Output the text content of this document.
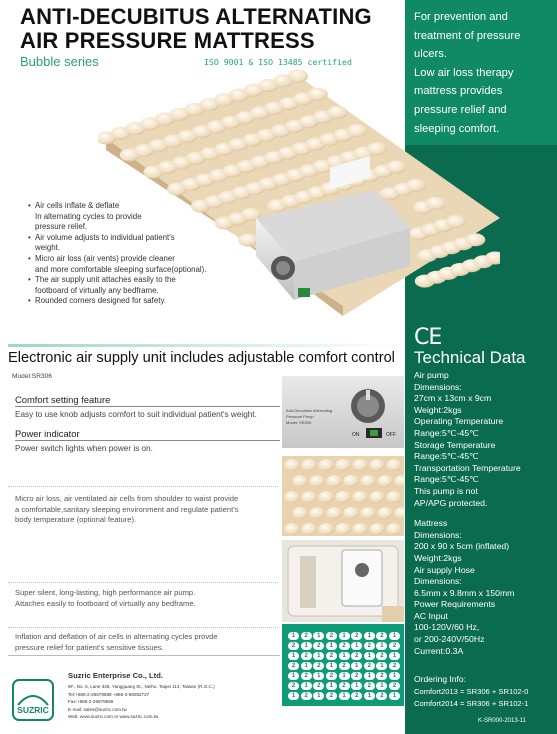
For prevention and
treatment of pressure
ulcers.
Low air loss therapy
mattress provides
pressure relief and
sleeping comfort.
CE
Technical Data
Air pump
Dimensions:
27cm x 13cm x 9cm
Weight:2kgs
Operating Temperature
Range:5℃-45℃
Storage Temperature
Range:5℃-45℃
Transportation Temperature
Range:5℃-45℃
This pump is not
AP/APG protected.
Mattress
Dimensions:
200 x 90 x 5cm (inflated)
Weight:2kgs
Air supply Hose
Dimensions:
6.5mm x 9.8mm x 150mm
Power Requirements
AC Input
100-120V/60 Hz,
or 200-240V/50Hz
Current:0.3A
Ordering Info:
Comfort2013 = SR306 + SR102-0
Comfort2014 = SR306 + SR102-1
K-SR000-2013-11
ANTI-DECUBITUS ALTERNATING
AIR PRESSURE MATTRESS
Bubble series	ISO 9001 & ISO 13485 certified
• Air cells inflate & deflate
In alternating cycles to provide
pressure relief.
• Air volume adjusts to individual patient's
weight.
• Micro air loss (air vents) provide cleaner
and more comfortable sleeping surface(optional).
• The air supply unit attaches easily to the
footboard of virtually any bedframe.
• Rounded corners designed for safety.
Electronic air supply unit includes adjustable comfort control
Model:SR306
Comfort setting feature
Easy to use knob adjusts comfort to suit individual patient's weight.
Power indicator
Power switch lights when power is on.
Anti-Decubitus Alternating
Pressure Pump
Model: SR306
ON	OFF
Micro air loss, air ventilated air cells from shoulder to waist provide
a comfortable,sanitary sleeping environment and regulate patient's
body temperature (optional feature).
Super silent, long-lasting, high performance air pump.
Attaches easily to footboard of virtually any bedframe.
1	2	1	2	1	2	1	2	1
2	1	2	1	2	1	2	1	2
1	2	1	2	1	2	1	2	1
2	1	2	1	2	1	2	1	2
1	2	1	2	1	2	1	2	1
2	1	2	1	2	1	2	1	2
1	2	1	2	1	2	1	2	1
Inflation and deflation of air cells in alternating cycles provde
pressure relief for patient's sensitive tissues.
SUZRIC
Suzric Enterprise Co., Ltd.
6F., No. 5, Lane 345, Yangguang St., Neihu, Taipei 114, Taiwan (R.O.C.)
Tel:+886-2-26579588 +886-2-86082727
Fax:+886-2-26579566
E-mail: sales@suzric.com.tw
Web: www.suzric.com or www.suzric.com.tw
